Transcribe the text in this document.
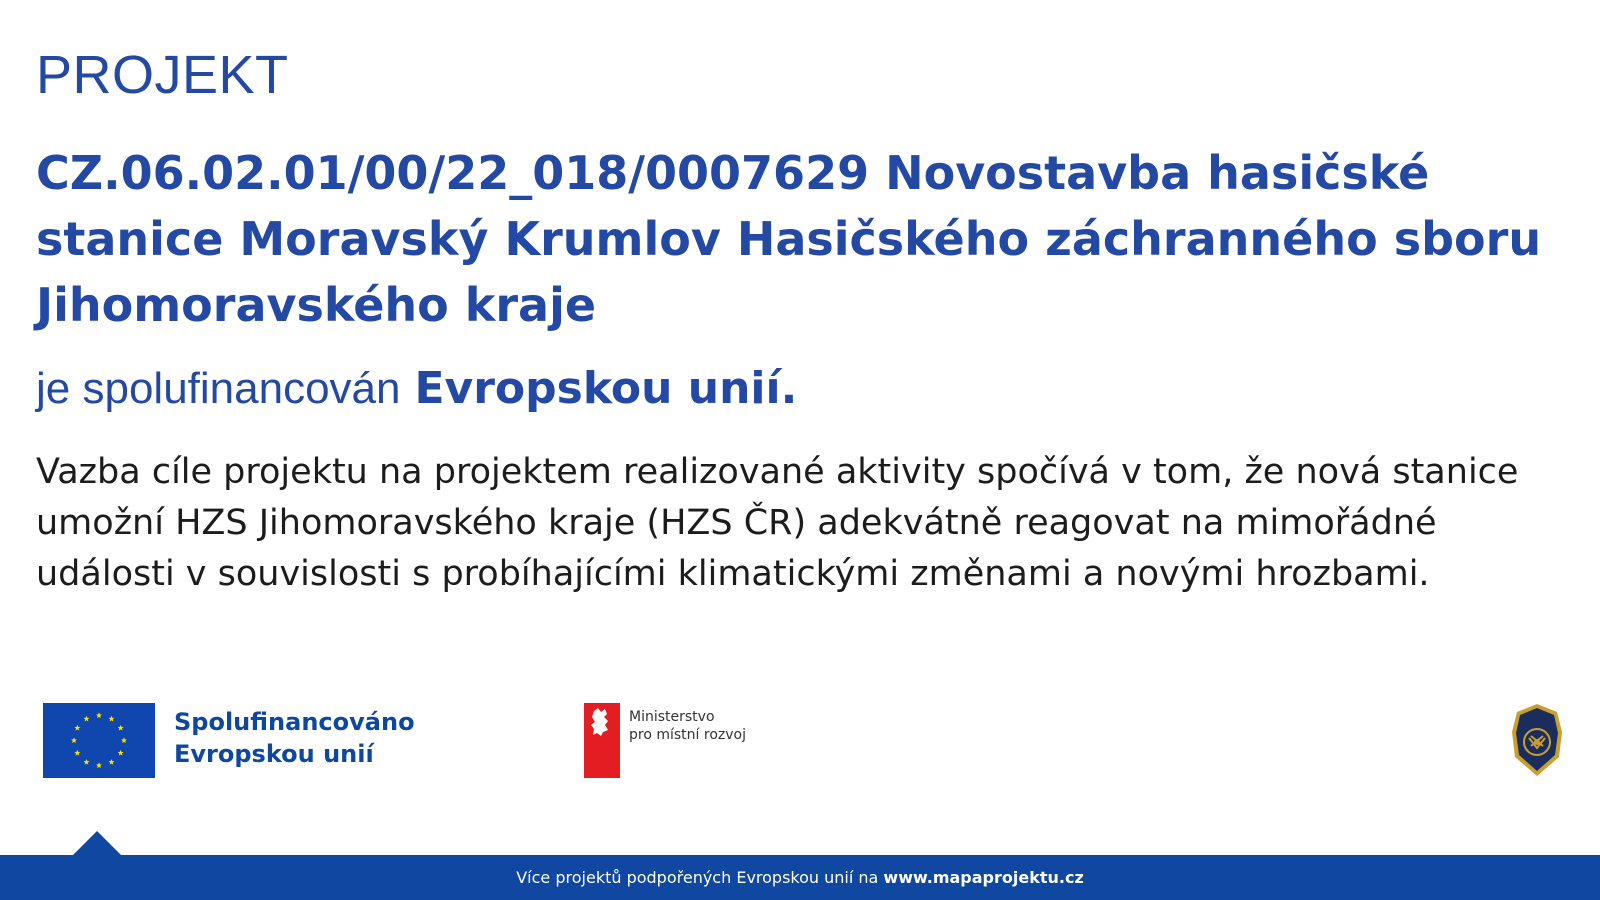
PROJEKT
CZ.06.02.01/00/22_018/0007629 Novostavba hasičské stanice Moravský Krumlov Hasičského záchranného sboru Jihomoravského kraje
je spolufinancován Evropskou unií.
Vazba cíle projektu na projektem realizované aktivity spočívá v tom, že nová stanice umožní HZS Jihomoravského kraje (HZS ČR) adekvátně reagovat na mimořádné události v souvislosti s probíhajícími klimatickými změnami a novými hrozbami.
Spolufinancováno
Evropskou unií
Ministerstvo
pro místní rozvoj
Více projektů podpořených Evropskou unií na www.mapaprojektu.cz
